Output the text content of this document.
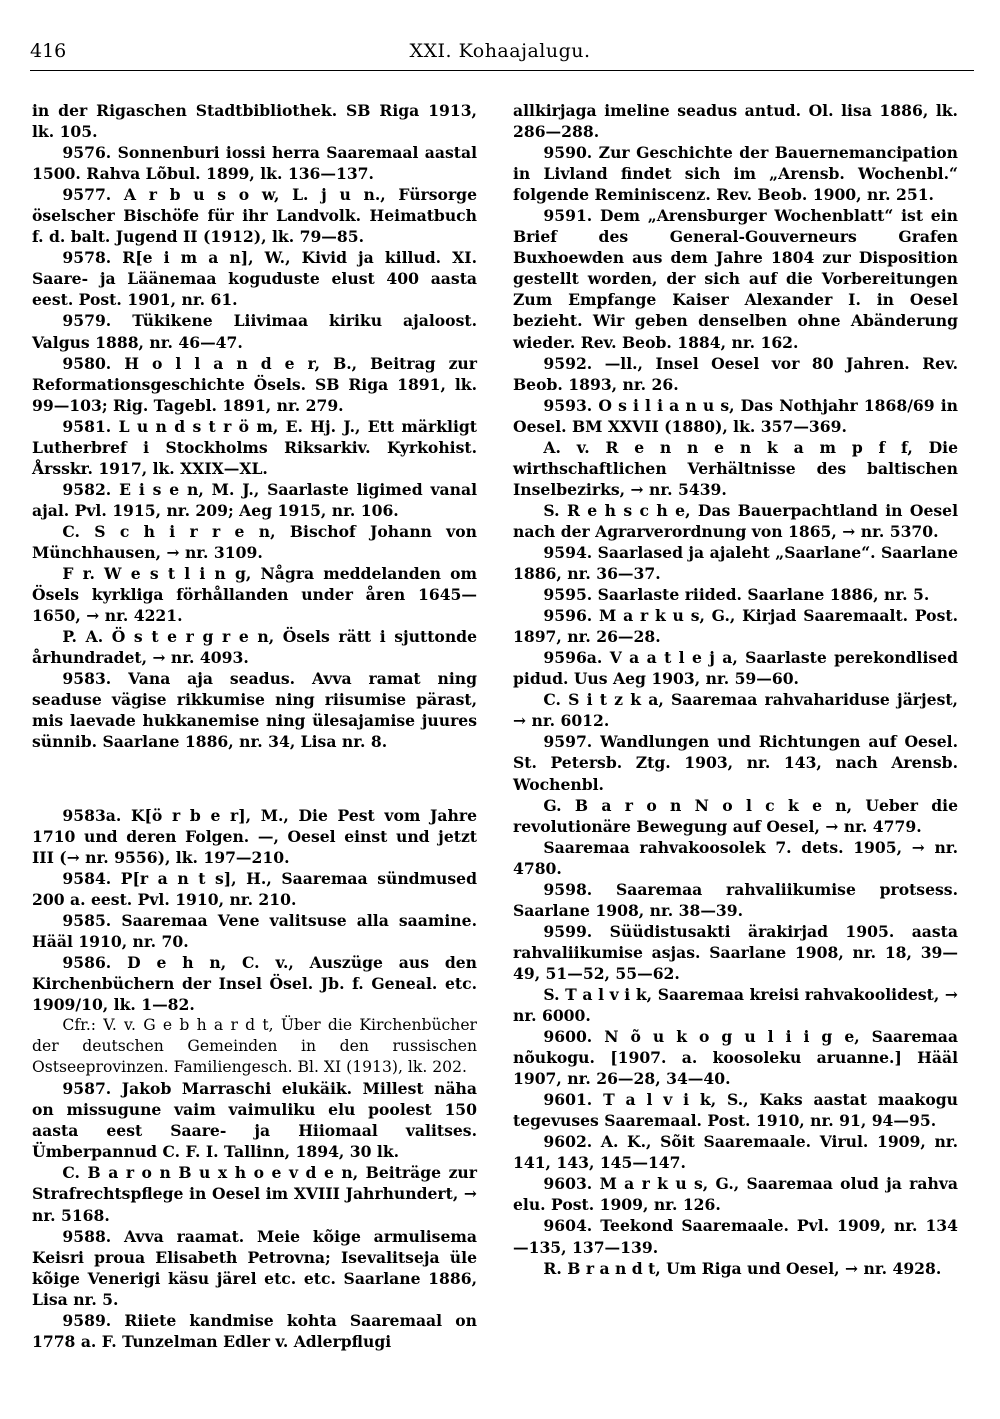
416	XXI. Kohaajalugu.

in der Rigaschen Stadtbibliothek. SB Riga 1913, lk. 105.

9576. Sonnenburi iossi herra Saaremaal aastal 1500. Rahva Lõbul. 1899, lk. 136—137.

9577. A r b u s o w, L. j u n., Fürsorge öselscher Bischöfe für ihr Landvolk. Heimatbuch f. d. balt. Jugend II (1912), lk. 79—85.

9578. R[e i m a n], W., Kivid ja killud. XI. Saare- ja Läänemaa koguduste elust 400 aasta eest. Post. 1901, nr. 61.

9579. Tükikene Liivimaa kiriku ajaloost. Valgus 1888, nr. 46—47.

9580. H o l l a n d e r, B., Beitrag zur Reformationsgeschichte Ösels. SB Riga 1891, lk. 99—103; Rig. Tagebl. 1891, nr. 279.

9581. L u n d s t r ö m, E. Hj. J., Ett märkligt Lutherbref i Stockholms Riksarkiv. Kyrkohist. Årsskr. 1917, lk. XXIX—XL.

9582. E i s e n, M. J., Saarlaste ligimed vanal ajal. Pvl. 1915, nr. 209; Aeg 1915, nr. 106.

C. S c h i r r e n, Bischof Johann von Münchhausen, → nr. 3109.

F r. W e s t l i n g, Några meddelanden om Ösels kyrkliga förhållanden under åren 1645—1650, → nr. 4221.

P. A. Ö s t e r g r e n, Ösels rätt i sjuttonde århundradet, → nr. 4093.

9583. Vana aja seadus. Avva ramat ning seaduse vägise rikkumise ning riisumise pärast, mis laevade hukkanemise ning ülesajamise juures sünnib. Saarlane 1886, nr. 34, Lisa nr. 8.

9583a. K[ö r b e r], M., Die Pest vom Jahre 1710 und deren Folgen. —, Oesel einst und jetzt III (→ nr. 9556), lk. 197—210.

9584. P[r a n t s], H., Saaremaa sündmused 200 a. eest. Pvl. 1910, nr. 210.

9585. Saaremaa Vene valitsuse alla saamine. Hääl 1910, nr. 70.

9586. D e h n, C. v., Auszüge aus den Kirchenbüchern der Insel Ösel. Jb. f. Geneal. etc. 1909/10, lk. 1—82.

Cfr.: V. v. G e b h a r d t, Über die Kirchenbücher der deutschen Gemeinden in den russischen Ostseeprovinzen. Familiengesch. Bl. XI (1913), lk. 202.

9587. Jakob Marraschi elukäik. Millest näha on missugune vaim vaimuliku elu poolest 150 aasta eest Saare- ja Hiiomaal valitses. Ümberpannud C. F. I. Tallinn, 1894, 30 lk.

C. B a r o n B u x h o e v d e n, Beiträge zur Strafrechtspflege in Oesel im XVIII Jahrhundert, → nr. 5168.

9588. Avva raamat. Meie kõige armulisema Keisri proua Elisabeth Petrovna; Isevalitseja üle kõige Venerigi käsu järel etc. etc. Saarlane 1886, Lisa nr. 5.

9589. Riiete kandmise kohta Saaremaal on 1778 a. F. Tunzelman Edler v. Adlerpflugi

allkirjaga imeline seadus antud. Ol. lisa 1886, lk. 286—288.

9590. Zur Geschichte der Bauernemancipation in Livland findet sich im „Arensb. Wochenbl.“ folgende Reminiscenz. Rev. Beob. 1900, nr. 251.

9591. Dem „Arensburger Wochenblatt“ ist ein Brief des General-Gouverneurs Grafen Buxhoewden aus dem Jahre 1804 zur Disposition gestellt worden, der sich auf die Vorbereitungen Zum Empfange Kaiser Alexander I. in Oesel bezieht. Wir geben denselben ohne Abänderung wieder. Rev. Beob. 1884, nr. 162.

9592. —ll., Insel Oesel vor 80 Jahren. Rev. Beob. 1893, nr. 26.

9593. O s i l i a n u s, Das Nothjahr 1868/69 in Oesel. BM XXVII (1880), lk. 357—369.

A. v. R e n n e n k a m p f f, Die wirthschaftlichen Verhältnisse des baltischen Inselbezirks, → nr. 5439.

S. R e h s c h e, Das Bauerpachtland in Oesel nach der Agrarverordnung von 1865, → nr. 5370.

9594. Saarlased ja ajaleht „Saarlane“. Saarlane 1886, nr. 36—37.

9595. Saarlaste riided. Saarlane 1886, nr. 5.

9596. M a r k u s, G., Kirjad Saaremaalt. Post. 1897, nr. 26—28.

9596a. V a a t l e j a, Saarlaste perekondlised pidud. Uus Aeg 1903, nr. 59—60.

C. S i t z k a, Saaremaa rahvahariduse järjest, → nr. 6012.

9597. Wandlungen und Richtungen auf Oesel. St. Petersb. Ztg. 1903, nr. 143, nach Arensb. Wochenbl.

G. B a r o n N o l c k e n, Ueber die revolutionäre Bewegung auf Oesel, → nr. 4779.

Saaremaa rahvakoosolek 7. dets. 1905, → nr. 4780.

9598. Saaremaa rahvaliikumise protsess. Saarlane 1908, nr. 38—39.

9599. Süüdistusakti ärakirjad 1905. aasta rahvaliikumise asjas. Saarlane 1908, nr. 18, 39—49, 51—52, 55—62.

S. T a l v i k, Saaremaa kreisi rahvakoolidest, → nr. 6000.

9600. N õ u k o g u l i i g e, Saaremaa nõukogu. [1907. a. koosoleku aruanne.] Hääl 1907, nr. 26—28, 34—40.

9601. T a l v i k, S., Kaks aastat maakogu tegevuses Saaremaal. Post. 1910, nr. 91, 94—95.

9602. A. K., Sõit Saaremaale. Virul. 1909, nr. 141, 143, 145—147.

9603. M a r k u s, G., Saaremaa olud ja rahva elu. Post. 1909, nr. 126.

9604. Teekond Saaremaale. Pvl. 1909, nr. 134—135, 137—139.

R. B r a n d t, Um Riga und Oesel, → nr. 4928.
